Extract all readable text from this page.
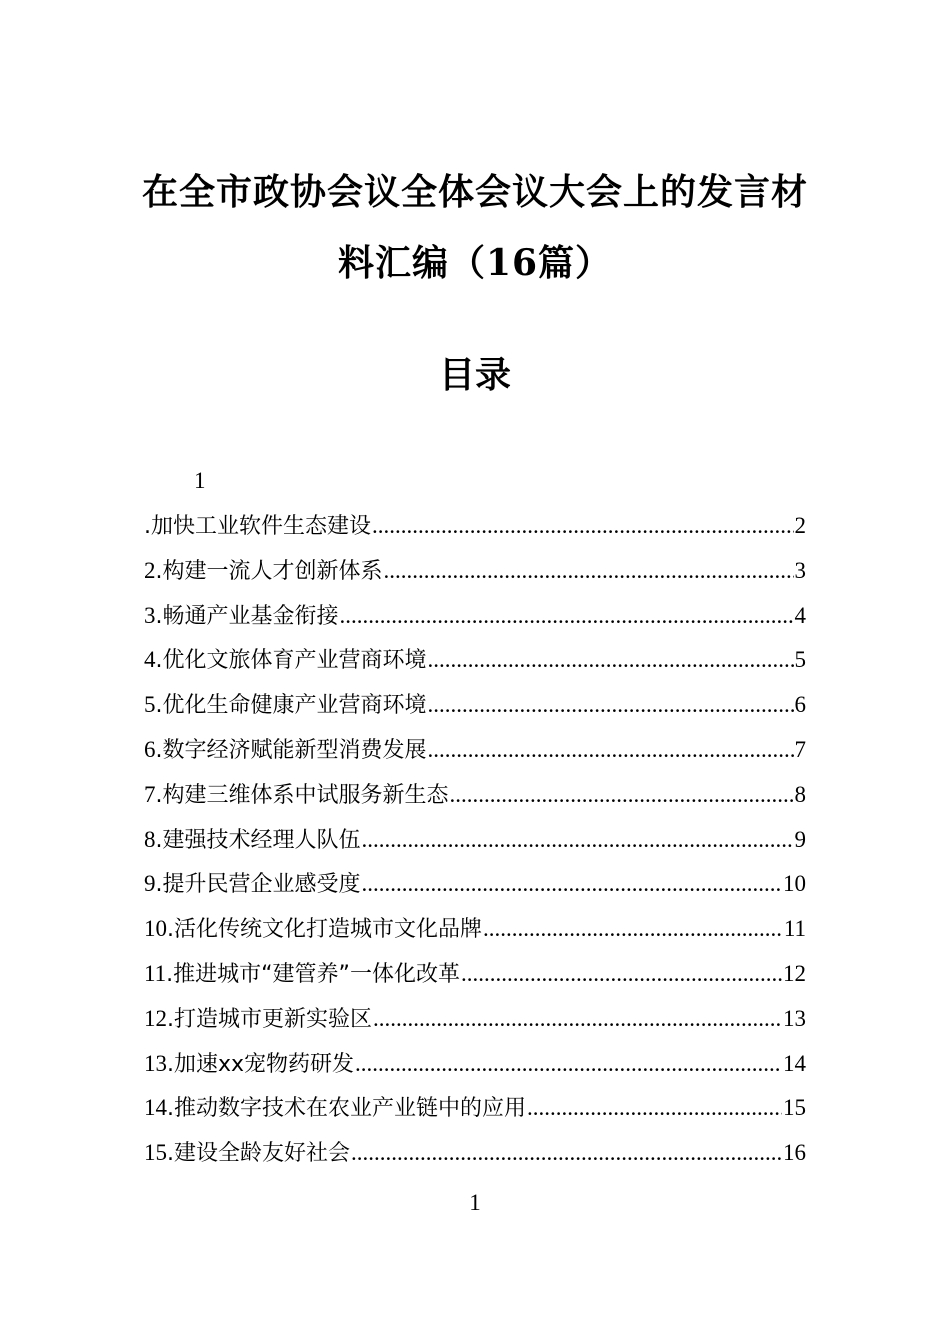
在全市政协会议全体会议大会上的发言材
料汇编（16篇）
目录
1
.加快工业软件生态建设 .....	2
2 .构建一流人才创新体系 .....	3
3 .畅通产业基金衔接 .....	4
4 .优化文旅体育产业营商环境 .....	5
5 .优化生命健康产业营商环境 .....	6
6 .数字经济赋能新型消费发展 .....	7
7 .构建三维体系中试服务新生态 .....	8
8 .建强技术经理人队伍 .....	9
9 .提升民营企业感受度 .....	10
10 .活化传统文化打造城市文化品牌 .....	11
11 .推进城市“建管养”一体化改革 .....	12
12 .打造城市更新实验区 .....	13
13 .加速xx宠物药研发 .....	14
14 .推动数字技术在农业产业链中的应用 .....	15
15 .建设全龄友好社会 .....	16
1
